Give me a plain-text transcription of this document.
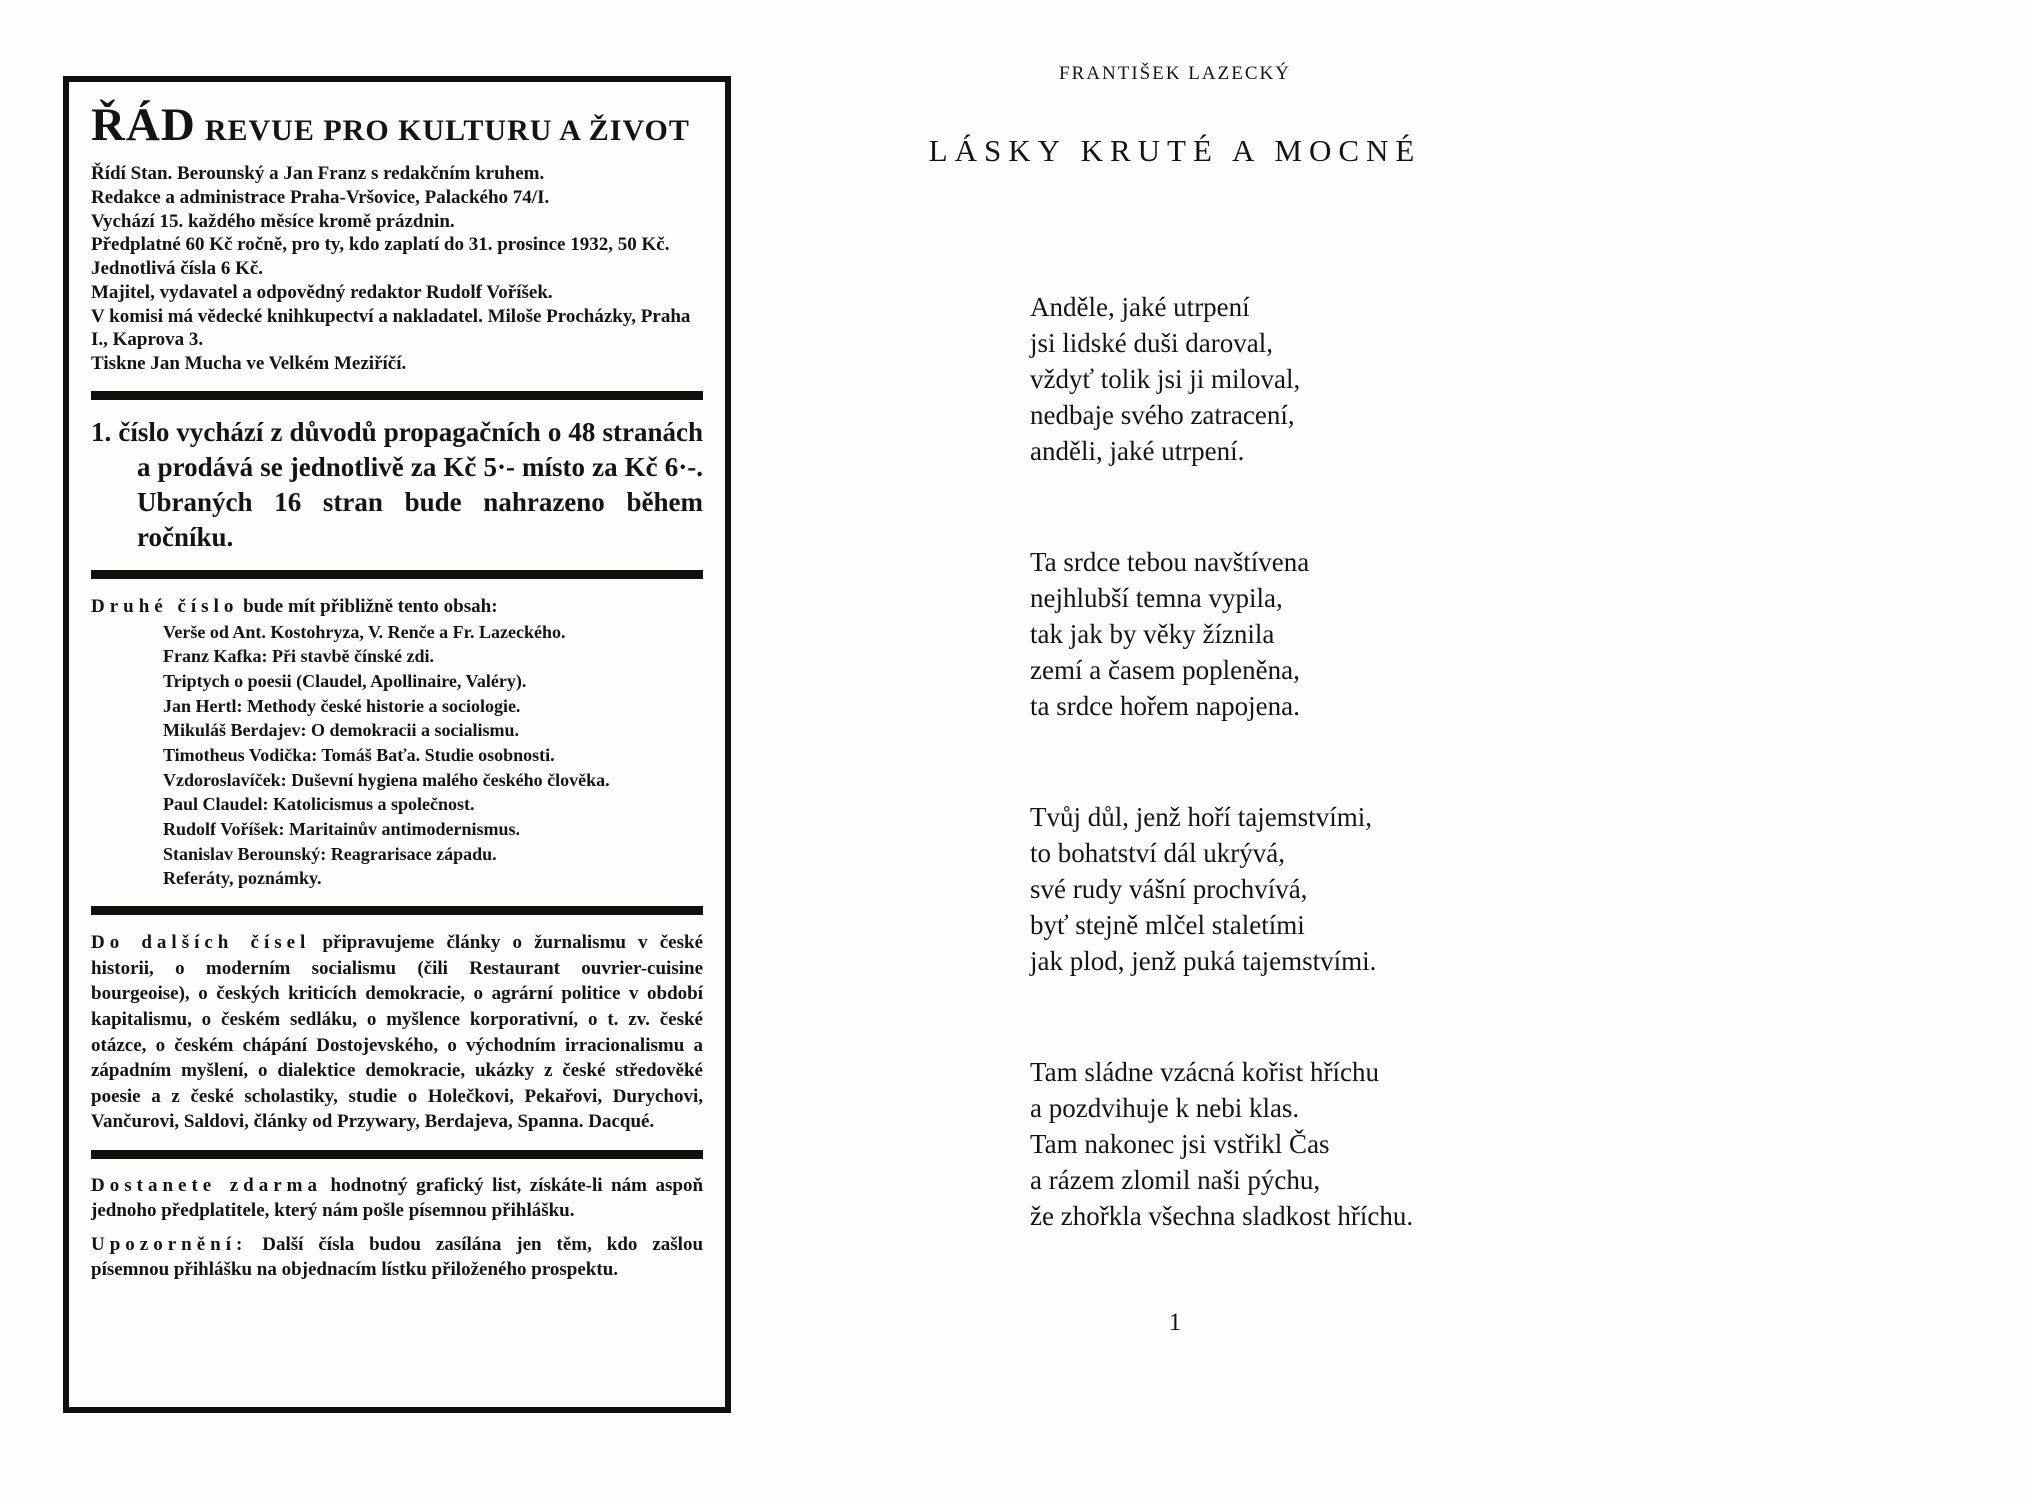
ŘÁD REVUE PRO KULTURU A ŽIVOT

Řídí Stan. Berounský a Jan Franz s redakčním kruhem.

Redakce a administrace Praha-Vršovice, Palackého 74/I.

Vychází 15. každého měsíce kromě prázdnin.

Předplatné 60 Kč ročně, pro ty, kdo zaplatí do 31. prosince 1932, 50 Kč. Jednotlivá čísla 6 Kč.

Majitel, vydavatel a odpovědný redaktor Rudolf Voříšek.

V komisi má vědecké knihkupectví a nakladatel. Miloše Procházky, Praha I., Kaprova 3.

Tiskne Jan Mucha ve Velkém Meziříčí.

1. číslo vychází z důvodů propagačních o 48 stranách a prodává se jednotlivě za Kč 5·- místo za Kč 6·-. Ubraných 16 stran bude nahrazeno během ročníku.

Druhé číslo bude mít přibližně tento obsah:

Verše od Ant. Kostohryza, V. Renče a Fr. Lazeckého.
Franz Kafka: Při stavbě čínské zdi.
Triptych o poesii (Claudel, Apollinaire, Valéry).
Jan Hertl: Methody české historie a sociologie.
Mikuláš Berdajev: O demokracii a socialismu.
Timotheus Vodička: Tomáš Baťa. Studie osobnosti.
Vzdoroslavíček: Duševní hygiena malého českého člověka.
Paul Claudel: Katolicismus a společnost.
Rudolf Voříšek: Maritainův antimodernismus.
Stanislav Berounský: Reagrarisace západu.
Referáty, poznámky.

Do dalších čísel připravujeme články o žurnalismu v české historii, o moderním socialismu (čili Restaurant ouvrier-cuisine bourgeoise), o českých kriticích demokracie, o agrární politice v období kapitalismu, o českém sedláku, o myšlence korporativní, o t. zv. české otázce, o českém chápání Dostojevského, o východním irracionalismu a západním myšlení, o dialektice demokracie, ukázky z české středověké poesie a z české scholastiky, studie o Holečkovi, Pekařovi, Durychovi, Vančurovi, Saldovi, články od Przywary, Berdajeva, Spanna. Dacqué.

Dostanete zdarma hodnotný grafický list, získáte-li nám aspoň jednoho předplatitele, který nám pošle písemnou přihlášku.

Upozornění: Další čísla budou zasílána jen těm, kdo zašlou písemnou přihlášku na objednacím lístku přiloženého prospektu.

FRANTIŠEK LAZECKÝ
LÁSKY KRUTÉ A MOCNÉ
Anděle, jaké utrpení
jsi lidské duši daroval,
vždyť tolik jsi ji miloval,
nedbaje svého zatracení,
anděli, jaké utrpení.
Ta srdce tebou navštívena
nejhlubší temna vypila,
tak jak by věky žíznila
zemí a časem popleněna,
ta srdce hořem napojena.
Tvůj důl, jenž hoří tajemstvími,
to bohatství dál ukrývá,
své rudy vášní prochvívá,
byť stejně mlčel staletími
jak plod, jenž puká tajemstvími.
Tam sládne vzácná kořist hříchu
a pozdvihuje k nebi klas.
Tam nakonec jsi vstřikl Čas
a rázem zlomil naši pýchu,
že zhořkla všechna sladkost hříchu.
1
